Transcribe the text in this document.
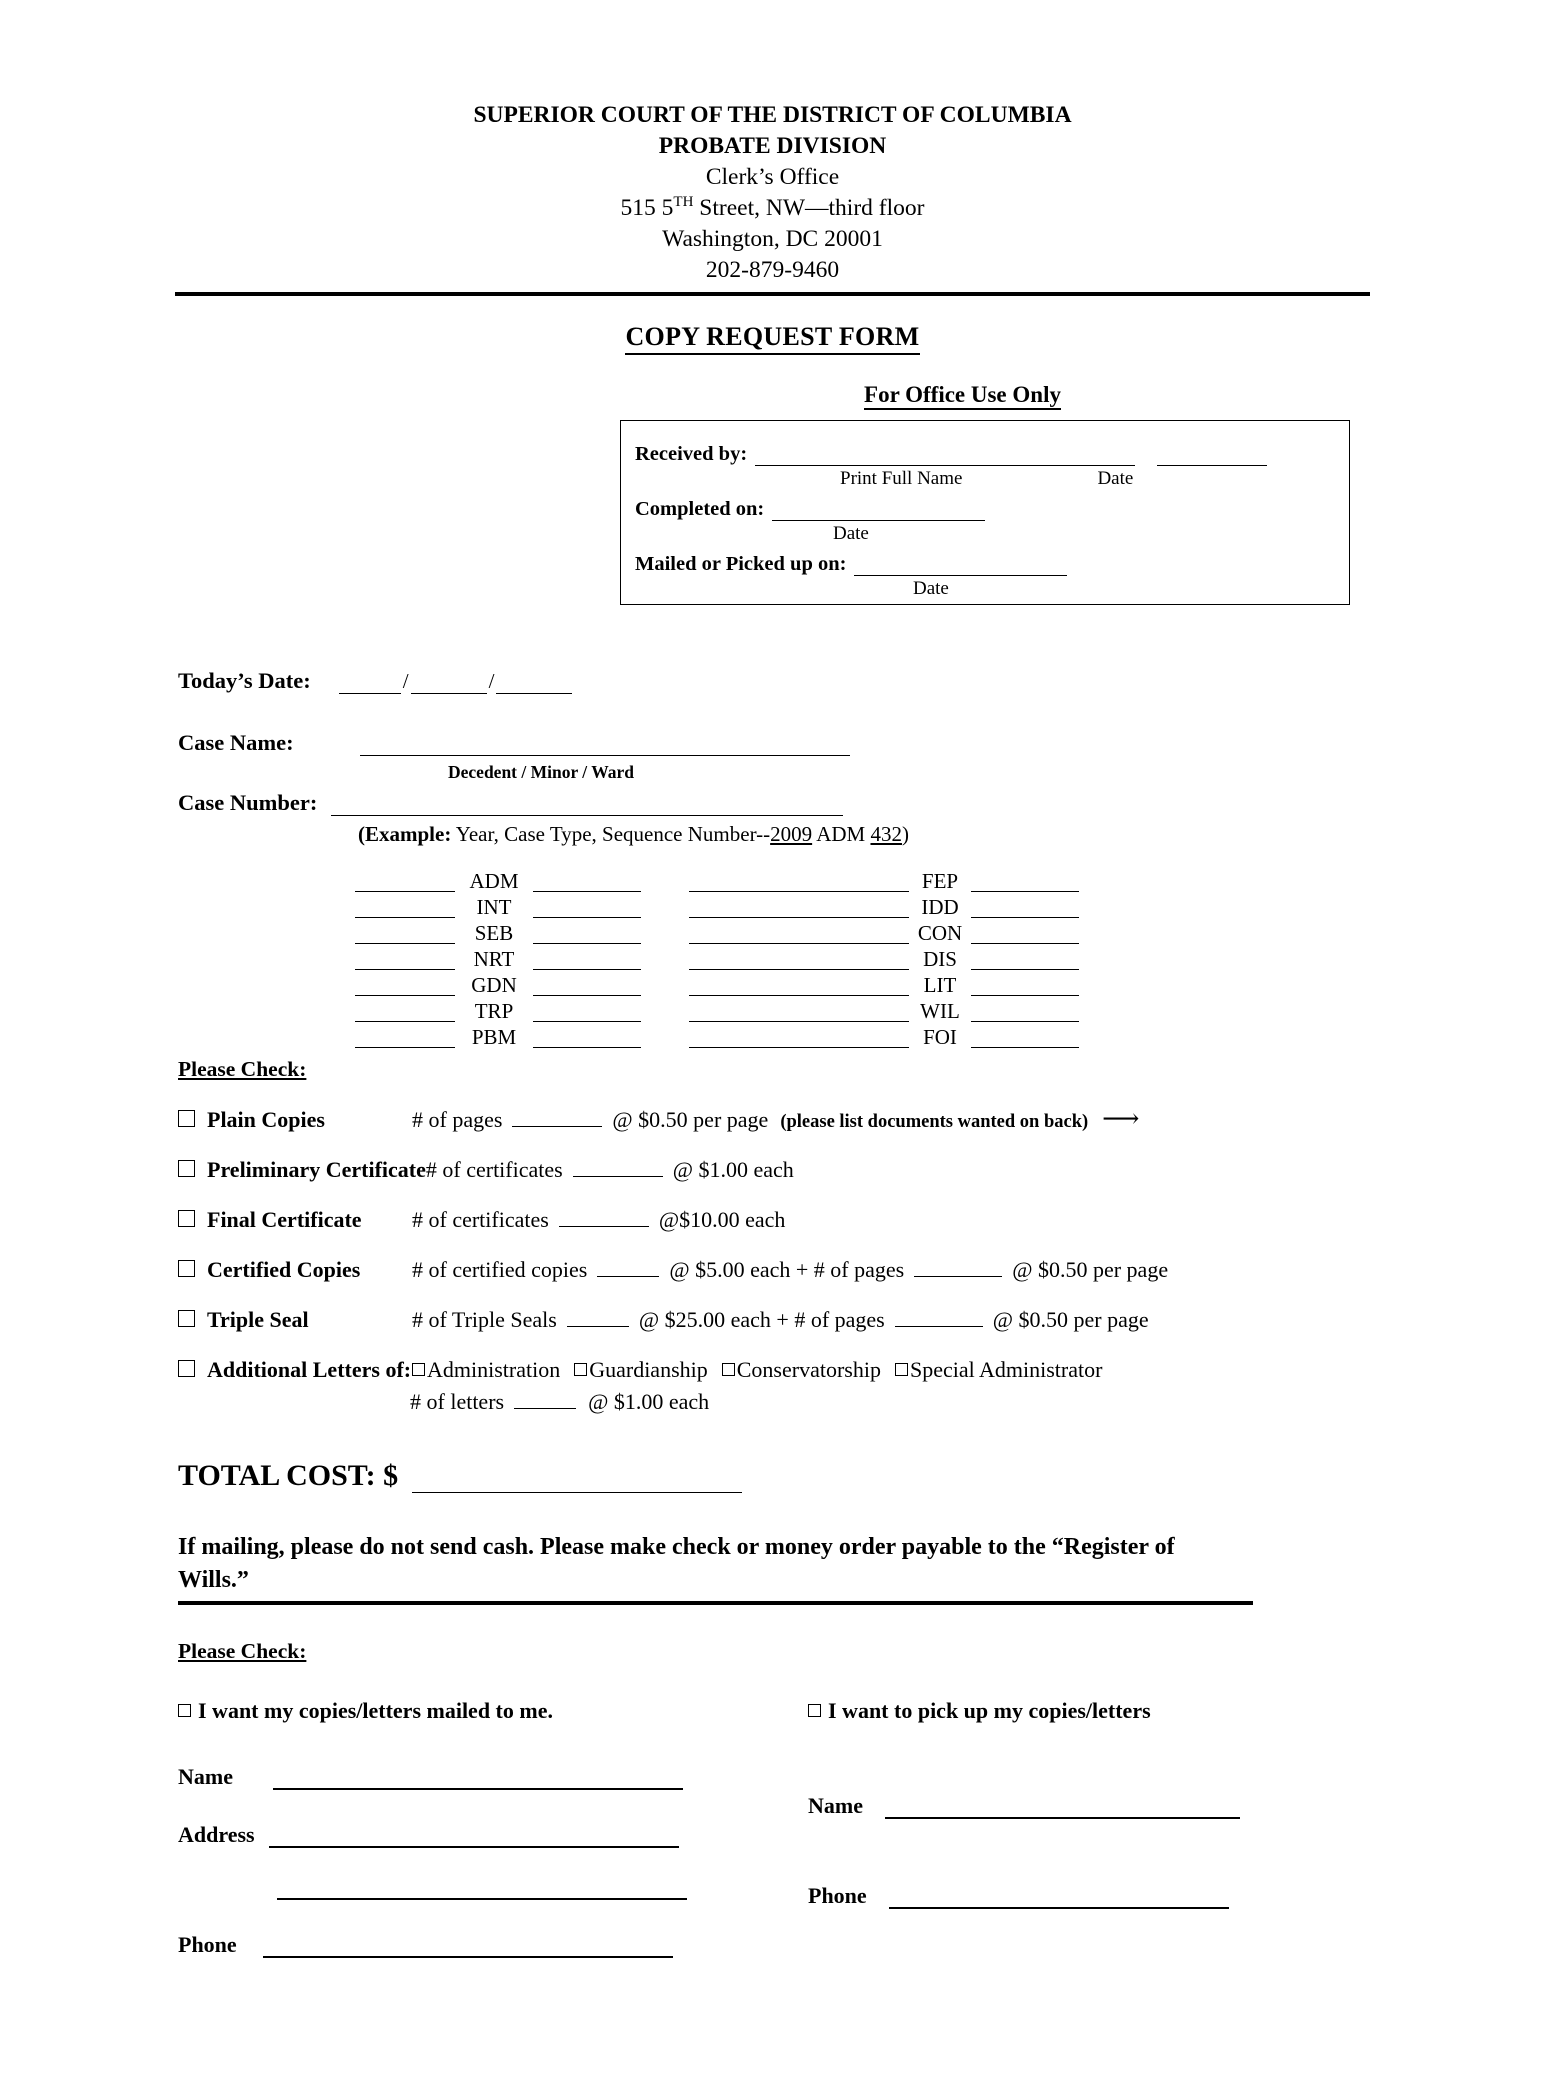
SUPERIOR COURT OF THE DISTRICT OF COLUMBIA
PROBATE DIVISION
Clerk’s Office
515 5TH Street, NW—third floor
Washington, DC 20001
202-879-9460
COPY REQUEST FORM
For Office Use Only
Received by:
Print Full Name	Date
Completed on:
Date
Mailed or Picked up on:
Date
Today’s Date:	/	/
Case Name:
Decedent / Minor / Ward
Case Number:
(Example: Year, Case Type, Sequence Number--2009 ADM 432)
ADM	FEP
INT	IDD
SEB	CON
NRT	DIS
GDN	LIT
TRP	WIL
PBM	FOI
Please Check:
Plain Copies	# of pages	@ $0.50 per page (please list documents wanted on back) ⟶
Preliminary Certificate # of certificates	@ $1.00 each
Final Certificate	# of certificates	@$10.00 each
Certified Copies	# of certified copies	@ $5.00 each + # of pages	@ $0.50 per page
Triple Seal	# of Triple Seals	@ $25.00 each + # of pages	@ $0.50 per page
Additional Letters of: Administration Guardianship Conservatorship Special Administrator
# of letters	@ $1.00 each
TOTAL COST: $
If mailing, please do not send cash. Please make check or money order payable to the “Register of Wills.”
Please Check:
I want my copies/letters mailed to me.
Name
Address
Phone
I want to pick up my copies/letters
Name
Phone
